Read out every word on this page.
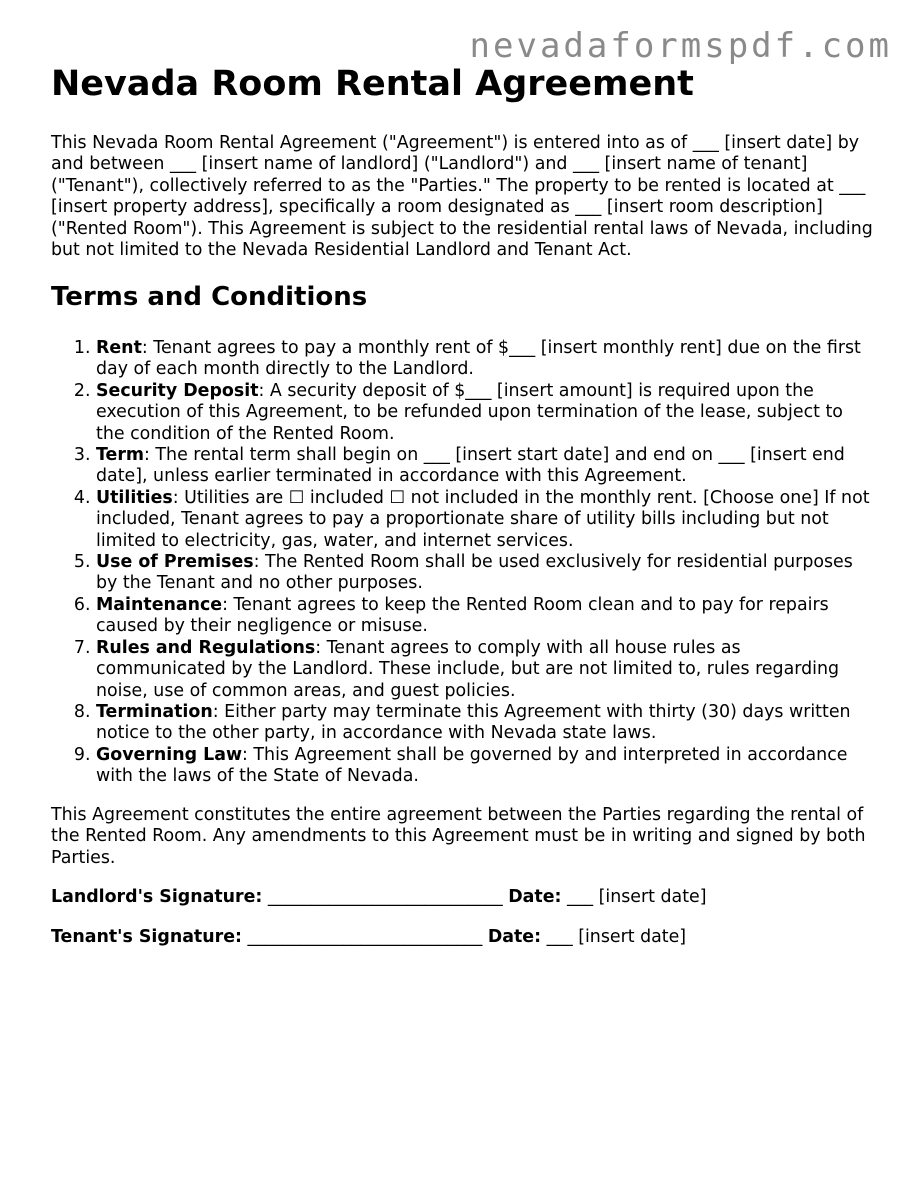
nevadaformspdf.com
Nevada Room Rental Agreement

This Nevada Room Rental Agreement ("Agreement") is entered into as of ___ [insert date] by and between ___ [insert name of landlord] ("Landlord") and ___ [insert name of tenant] ("Tenant"), collectively referred to as the "Parties." The property to be rented is located at ___ [insert property address], specifically a room designated as ___ [insert room description] ("Rented Room"). This Agreement is subject to the residential rental laws of Nevada, including but not limited to the Nevada Residential Landlord and Tenant Act.

Terms and Conditions
1. Rent: Tenant agrees to pay a monthly rent of $___ [insert monthly rent] due on the first day of each month directly to the Landlord.
2. Security Deposit: A security deposit of $___ [insert amount] is required upon the execution of this Agreement, to be refunded upon termination of the lease, subject to the condition of the Rented Room.
3. Term: The rental term shall begin on ___ [insert start date] and end on ___ [insert end date], unless earlier terminated in accordance with this Agreement.
4. Utilities: Utilities are ☐ included ☐ not included in the monthly rent. [Choose one] If not included, Tenant agrees to pay a proportionate share of utility bills including but not limited to electricity, gas, water, and internet services.
5. Use of Premises: The Rented Room shall be used exclusively for residential purposes by the Tenant and no other purposes.
6. Maintenance: Tenant agrees to keep the Rented Room clean and to pay for repairs caused by their negligence or misuse.
7. Rules and Regulations: Tenant agrees to comply with all house rules as communicated by the Landlord. These include, but are not limited to, rules regarding noise, use of common areas, and guest policies.
8. Termination: Either party may terminate this Agreement with thirty (30) days written notice to the other party, in accordance with Nevada state laws.
9. Governing Law: This Agreement shall be governed by and interpreted in accordance with the laws of the State of Nevada.

This Agreement constitutes the entire agreement between the Parties regarding the rental of the Rented Room. Any amendments to this Agreement must be in writing and signed by both Parties.

Landlord's Signature: ___________________________ Date: ___ [insert date]

Tenant's Signature: ___________________________ Date: ___ [insert date]
